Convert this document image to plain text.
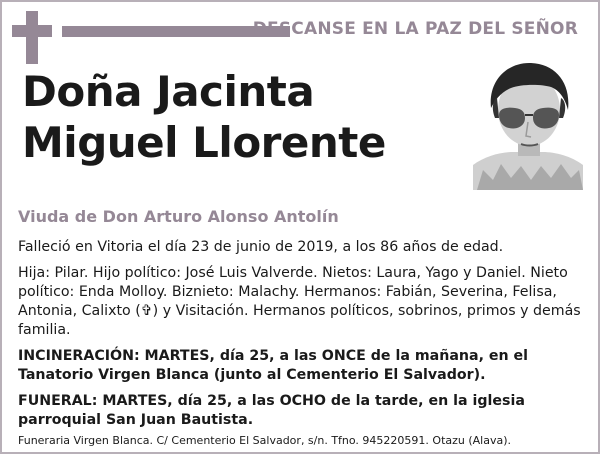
DESCANSE EN LA PAZ DEL SEÑOR
Doña Jacinta
Miguel Llorente
Viuda de Don Arturo Alonso Antolín

Falleció en Vitoria el día 23 de junio de 2019, a los 86 años de edad.

Hija: Pilar. Hijo político: José Luis Valverde. Nietos: Laura, Yago y Daniel. Nieto político: Enda Molloy. Biznieto: Malachy. Hermanos: Fabián, Severina, Felisa, Antonia, Calixto (✞) y Visitación. Hermanos políticos, sobrinos, primos y demás familia.

INCINERACIÓN: MARTES, día 25, a las ONCE de la mañana, en el Tanatorio Virgen Blanca (junto al Cementerio El Salvador).

FUNERAL: MARTES, día 25, a las OCHO de la tarde, en la iglesia parroquial San Juan Bautista.

Funeraria Virgen Blanca. C/ Cementerio El Salvador, s/n. Tfno. 945220591. Otazu (Alava).
